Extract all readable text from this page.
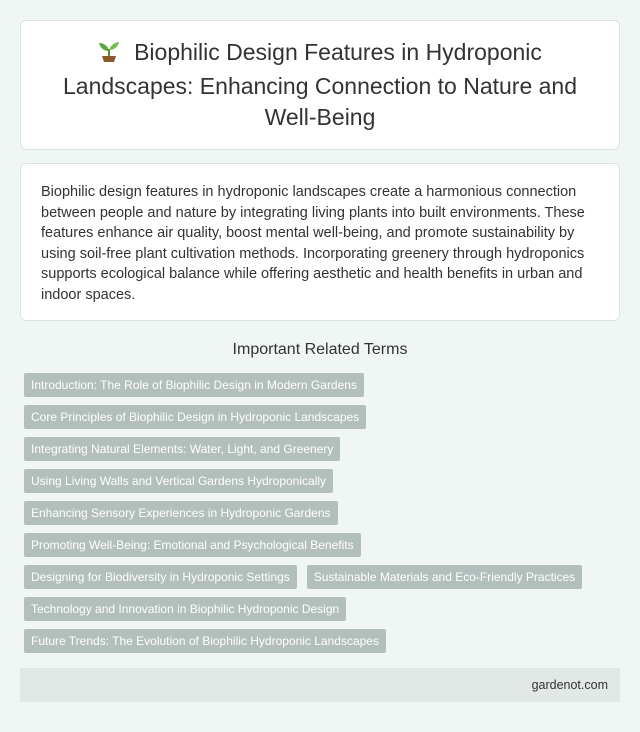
Biophilic Design Features in Hydroponic Landscapes: Enhancing Connection to Nature and Well-Being

Biophilic design features in hydroponic landscapes create a harmonious connection between people and nature by integrating living plants into built environments. These features enhance air quality, boost mental well-being, and promote sustainability by using soil-free plant cultivation methods. Incorporating greenery through hydroponics supports ecological balance while offering aesthetic and health benefits in urban and indoor spaces.

Important Related Terms
Introduction: The Role of Biophilic Design in Modern Gardens
Core Principles of Biophilic Design in Hydroponic Landscapes
Integrating Natural Elements: Water, Light, and Greenery
Using Living Walls and Vertical Gardens Hydroponically
Enhancing Sensory Experiences in Hydroponic Gardens
Promoting Well-Being: Emotional and Psychological Benefits
Designing for Biodiversity in Hydroponic Settings	Sustainable Materials and Eco-Friendly Practices
Technology and Innovation in Biophilic Hydroponic Design
Future Trends: The Evolution of Biophilic Hydroponic Landscapes
gardenot.com
